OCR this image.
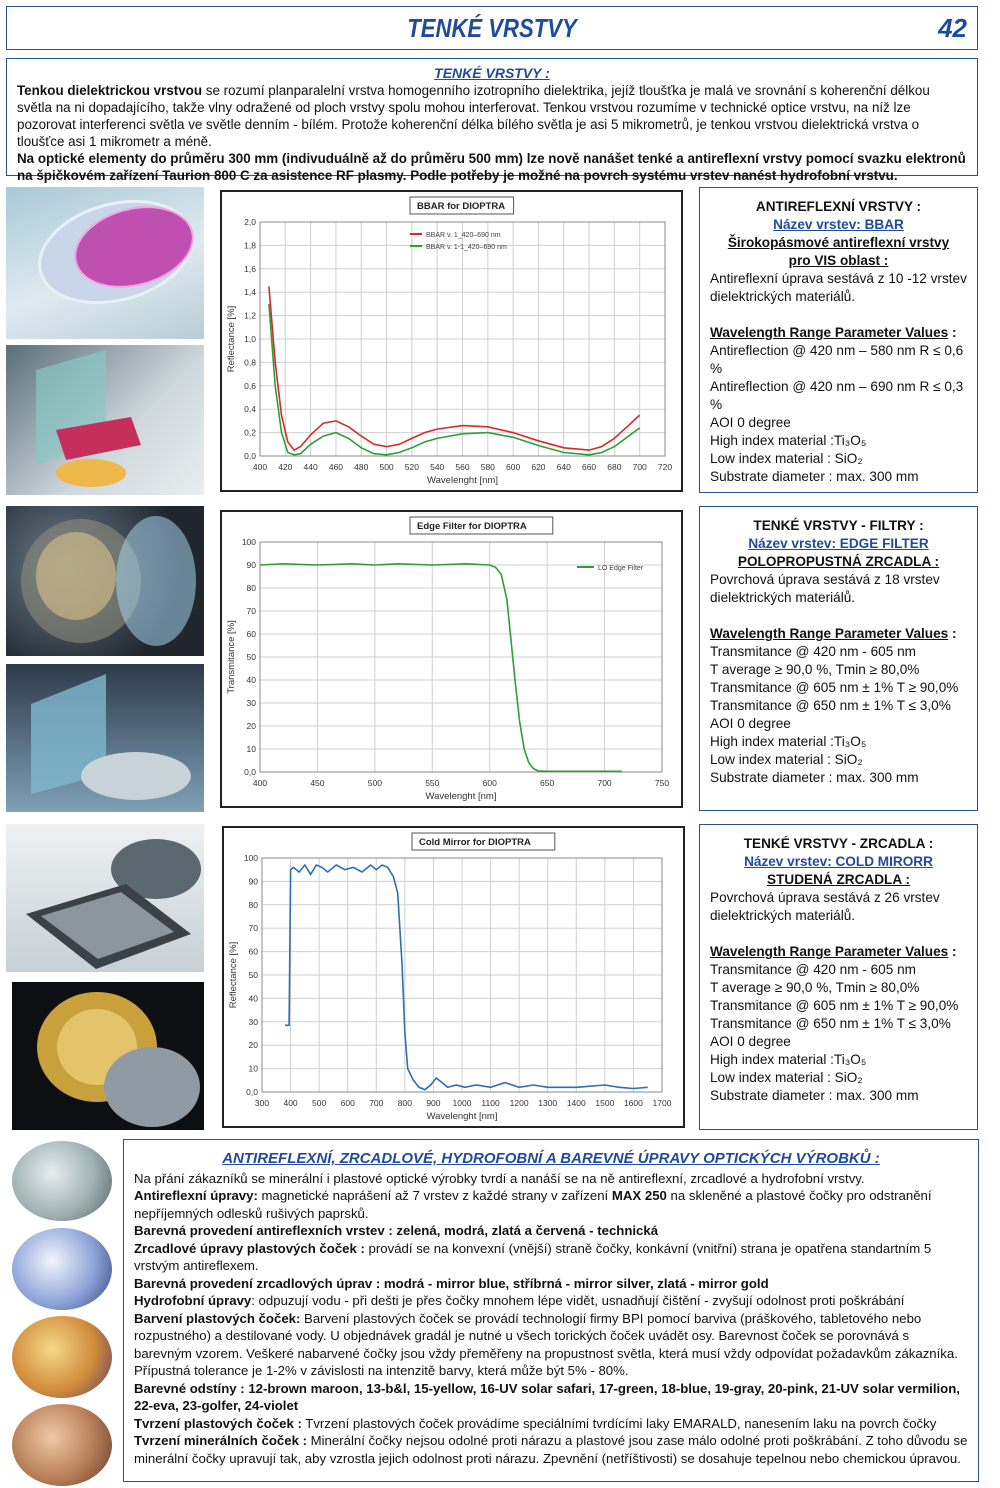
TENKÉ VRSTVY	42
TENKÉ VRSTVY :

Tenkou dielektrickou vrstvou se rozumí planparalelní vrstva homogenního izotropního dielektrika, jejíž tloušťka je malá ve srovnání s koherenční délkou světla na ni dopadajícího, takže vlny odražené od ploch vrstvy spolu mohou interferovat. Tenkou vrstvou rozumíme v technické optice vrstvu, na níž lze pozorovat interferenci světla ve světle denním - bílém. Protože koherenční délka bílého světla je asi 5 mikrometrů, je tenkou vrstvou dielektrická vrstva o tloušťce asi 1 mikrometr a méně.

Na optické elementy do průměru 300 mm (indivuduálně až do průměru 500 mm) lze nově nanášet tenké a antireflexní vrstvy pomocí svazku elektronů

na špičkovém zařízení Taurion 800 C za asistence RF plasmy. Podle potřeby je možné na povrch systému vrstev nanést hydrofobní vrstvu.

400 420 440 460 480 500 520 540 560 580 600 620 640 660 680 700 720
0,0
0,2
0,4
0,6
0,8
1,0
1,2
1,4
1,6
1,8
2,0
BBAR for DIOPTRA
Wavelenght [nm]
Reflectance [%]
BBAR v. 1_420–690 nm
BBAR v. 1-1_420–690 nm
400	450	500	550	600	650	700	750
0,0
10
20
30
40
50
60
70
80
90
100
Edge Filter for DIOPTRA
Wavelenght [nm]
Transmitance [%]
LO Edge Filter
300 400 500 600 700 800 900 1000 1100 1200 1300 1400 1500 1600 1700
0,0
10
20
30
40
50
60
70
80
90
100
Cold Mirror for DIOPTRA
Wavelenght [nm]
Reflectance [%]
ANTIREFLEXNÍ VRSTVY :
Název vrstev: BBAR
Širokopásmové antireflexní vrstvy
pro VIS oblast :
Antireflexní úprava sestává z 10 -12 vrstev dielektrických materiálů.
Wavelength Range Parameter Values :
Antireflection @ 420 nm – 580 nm R ≤ 0,6 %
Antireflection @ 420 nm – 690 nm R ≤ 0,3 %
AOI 0 degree
High index material :Ti₃O₅
Low index material : SiO₂
Substrate diameter : max. 300 mm
TENKÉ VRSTVY - FILTRY :
Název vrstev: EDGE FILTER
POLOPROPUSTNÁ ZRCADLA :
Povrchová úprava sestává z 18 vrstev dielektrických materiálů.
Wavelength Range Parameter Values :
Transmitance @ 420 nm - 605 nm
T average ≥ 90,0 %, Tmin ≥ 80,0%
Transmitance @ 605 nm ± 1% T ≥ 90,0%
Transmitance @ 650 nm ± 1% T ≤ 3,0%
AOI 0 degree
High index material :Ti₃O₅
Low index material : SiO₂
Substrate diameter : max. 300 mm
TENKÉ VRSTVY - ZRCADLA :
Název vrstev: COLD MIRORR
STUDENÁ ZRCADLA :
Povrchová úprava sestává z 26 vrstev dielektrických materiálů.
Wavelength Range Parameter Values :
Transmitance @ 420 nm - 605 nm
T average ≥ 90,0 %, Tmin ≥ 80,0%
Transmitance @ 605 nm ± 1% T ≥ 90,0%
Transmitance @ 650 nm ± 1% T ≤ 3,0%
AOI 0 degree
High index material :Ti₃O₅
Low index material : SiO₂
Substrate diameter : max. 300 mm
ANTIREFLEXNÍ, ZRCADLOVÉ, HYDROFOBNÍ A BAREVNÉ ÚPRAVY OPTICKÝCH VÝROBKŮ :

Na přání zákazníků se minerální i plastové optické výrobky tvrdí a nanáší se na ně antireflexní, zrcadlové a hydrofobní vrstvy.

Antireflexní úpravy: magnetické naprášení až 7 vrstev z každé strany v zařízení MAX 250 na skleněné a plastové čočky pro odstranění nepříjemných odlesků rušivých paprsků.

Barevná provedení antireflexních vrstev : zelená, modrá, zlatá a červená - technická

Zrcadlové úpravy plastových čoček : provádí se na konvexní (vnější) straně čočky, konkávní (vnitřní) strana je opatřena standartním 5 vrstvým antireflexem.

Barevná provedení zrcadlových úprav : modrá - mirror blue, stříbrná - mirror silver, zlatá - mirror gold

Hydrofobní úpravy: odpuzují vodu - při dešti je přes čočky mnohem lépe vidět, usnadňují čištění - zvyšují odolnost proti poškrábání

Barvení plastových čoček: Barvení plastových čoček se provádí technologií firmy BPI pomocí barviva (práškového, tabletového nebo rozpustného) a destilované vody. U objednávek gradál je nutné u všech torických čoček uvádět osy. Barevnost čoček se porovnává s barevným vzorem. Veškeré nabarvené čočky jsou vždy přeměřeny na propustnost světla, která musí vždy odpovídat požadavkům zákazníka. Přípustná tolerance je 1-2% v závislosti na intenzitě barvy, která může být 5% - 80%.

Barevné odstíny : 12-brown maroon, 13-b&l, 15-yellow, 16-UV solar safari, 17-green, 18-blue, 19-gray, 20-pink, 21-UV solar vermilion, 22-eva, 23-golfer, 24-violet

Tvrzení plastových čoček : Tvrzení plastových čoček provádíme speciálními tvrdícími laky EMARALD, nanesením laku na povrch čočky

Tvrzení minerálních čoček : Minerální čočky nejsou odolné proti nárazu a plastové jsou zase málo odolné proti poškrábání. Z toho důvodu se minerální čočky upravují tak, aby vzrostla jejich odolnost proti nárazu. Zpevnění (netříštivosti) se dosahuje tepelnou nebo chemickou úpravou.
